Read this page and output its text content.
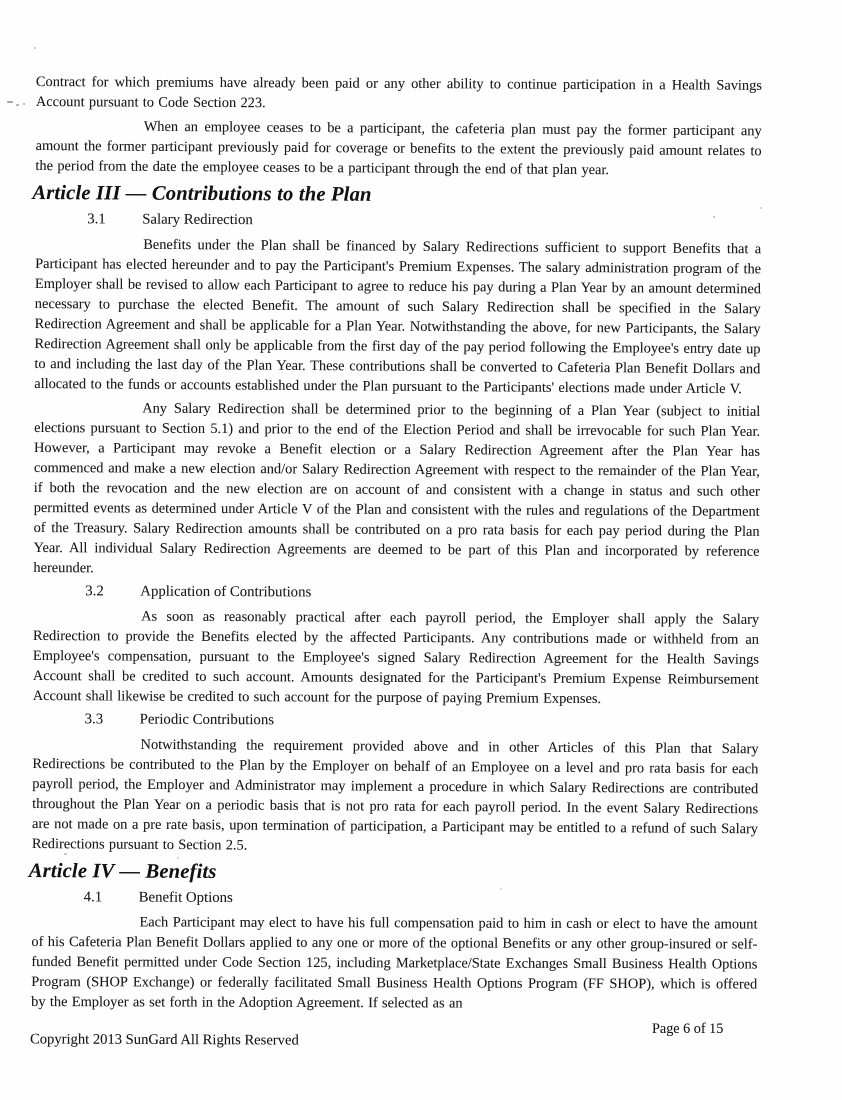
Contract for which premiums have already been paid or any other ability to continue participation in a Health Savings Account pursuant to Code Section 223.

When an employee ceases to be a participant, the cafeteria plan must pay the former participant any amount the former participant previously paid for coverage or benefits to the extent the previously paid amount relates to the period from the date the employee ceases to be a participant through the end of that plan year.

Article III — Contributions to the Plan
3.1	Salary Redirection

Benefits under the Plan shall be financed by Salary Redirections sufficient to support Benefits that a Participant has elected hereunder and to pay the Participant's Premium Expenses. The salary administration program of the Employer shall be revised to allow each Participant to agree to reduce his pay during a Plan Year by an amount determined necessary to purchase the elected Benefit. The amount of such Salary Redirection shall be specified in the Salary Redirection Agreement and shall be applicable for a Plan Year. Notwithstanding the above, for new Participants, the Salary Redirection Agreement shall only be applicable from the first day of the pay period following the Employee's entry date up to and including the last day of the Plan Year. These contributions shall be converted to Cafeteria Plan Benefit Dollars and allocated to the funds or accounts established under the Plan pursuant to the Participants' elections made under Article V.

Any Salary Redirection shall be determined prior to the beginning of a Plan Year (subject to initial elections pursuant to Section 5.1) and prior to the end of the Election Period and shall be irrevocable for such Plan Year. However, a Participant may revoke a Benefit election or a Salary Redirection Agreement after the Plan Year has commenced and make a new election and/or Salary Redirection Agreement with respect to the remainder of the Plan Year, if both the revocation and the new election are on account of and consistent with a change in status and such other permitted events as determined under Article V of the Plan and consistent with the rules and regulations of the Department of the Treasury. Salary Redirection amounts shall be contributed on a pro rata basis for each pay period during the Plan Year. All individual Salary Redirection Agreements are deemed to be part of this Plan and incorporated by reference hereunder.

3.2	Application of Contributions

As soon as reasonably practical after each payroll period, the Employer shall apply the Salary Redirection to provide the Benefits elected by the affected Participants. Any contributions made or withheld from an Employee's compensation, pursuant to the Employee's signed Salary Redirection Agreement for the Health Savings Account shall be credited to such account. Amounts designated for the Participant's Premium Expense Reimbursement Account shall likewise be credited to such account for the purpose of paying Premium Expenses.

3.3	Periodic Contributions

Notwithstanding the requirement provided above and in other Articles of this Plan that Salary Redirections be contributed to the Plan by the Employer on behalf of an Employee on a level and pro rata basis for each payroll period, the Employer and Administrator may implement a procedure in which Salary Redirections are contributed throughout the Plan Year on a periodic basis that is not pro rata for each payroll period. In the event Salary Redirections are not made on a pre rate basis, upon termination of participation, a Participant may be entitled to a refund of such Salary Redirections pursuant to Section 2.5.

Article IV — Benefits
4.1	Benefit Options

Each Participant may elect to have his full compensation paid to him in cash or elect to have the amount of his Cafeteria Plan Benefit Dollars applied to any one or more of the optional Benefits or any other group-insured or self-funded Benefit permitted under Code Section 125, including Marketplace/State Exchanges Small Business Health Options Program (SHOP Exchange) or federally facilitated Small Business Health Options Program (FF SHOP), which is offered by the Employer as set forth in the Adoption Agreement. If selected as an

Copyright 2013 SunGard All Rights Reserved
Page 6 of 15
